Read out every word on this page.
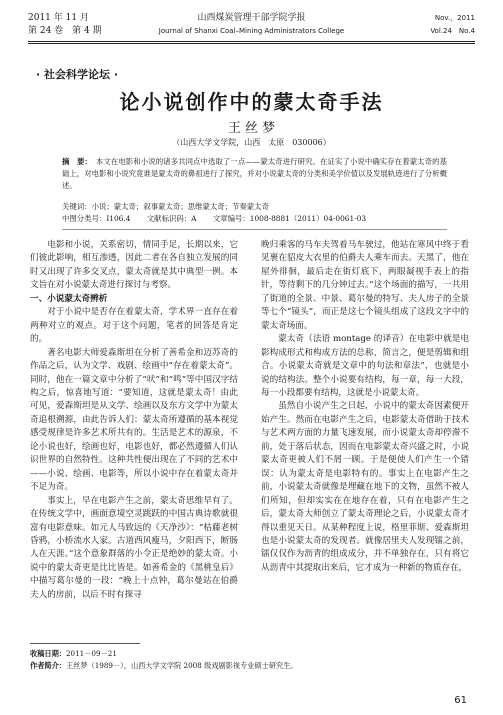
2011 年 11 月	山西煤炭管理干部学院学报	Nov.，2011
第 24 卷　第 4 期	Journal of Shanxi Coal–Mining Administrators College	Vol.24　No.4
· 社会科学论坛 ·
论小说创作中的蒙太奇手法
王 丝 梦
（山西大学文学院，山西　太原　030006）
摘　要： 本文在电影和小说的诸多共同点中选取了一点——蒙太奇进行研究。在证实了小说中确实存在着蒙太奇的基础上，对电影和小说究竟谁是蒙太奇的鼻祖进行了探究，并对小说蒙太奇的分类和美学价值以及发展轨迹进行了分析概述。
关键词：小说；蒙太奇；叙事蒙太奇；思维蒙太奇；节奏蒙太奇
中图分类号：I106.4 文献标识码：A 文章编号：1008-8881（2011）04-0061-03

电影和小说，关系密切，情同手足，长期以来，它们彼此影响，相互渗透，因此二者在各自独立发展的同时又出现了许多交叉点，蒙太奇就是其中典型一例。本文旨在对小说蒙太奇进行探讨与考察。

一、小说蒙太奇辨析

对于小说中是否存在着蒙太奇，学术界一直存在着两种对立的观点。对于这个问题，笔者的回答是肯定的。

著名电影大师爱森斯坦在分析了善希金和迈苏奇的作品之后，认为文学、戏剧、绘画中“存在着蒙太奇”。同时，他在一篇文章中分析了“吠”和“鸣”等中国汉字结构之后，惊喜地写道：“要知道，这就是蒙太奇！由此可见，爱森斯坦是从文学、绘画以及东方文学中为蒙太奇追根溯源，由此告诉人们：蒙太奇所遵循的基本视觉感受规律是许多艺术所共有的。生活是艺术的源泉，不论小说也好，绘画也好，电影也好，都必然遵循人们认识世界的自然特性。这种共性便出现在了不同的艺术中——小说、绘画、电影等，所以小说中存在着蒙太奇并不足为奇。

事实上，早在电影产生之前，蒙太奇思维早有了。在传统文学中，画面意境空灵跳跃的中国古典诗歌就很富有电影意味。如元人马致远的《天净沙》：“枯藤老树昏鸦，小桥流水人家。古道西风瘦马，夕阳西下，断肠人在天涯。”这个意象群落的小令正是绝妙的蒙太奇。小说中的蒙太奇更是比比皆是。如善希金的《黑桃皇后》中描写葛尔曼的一段：“晚上十点钟，葛尔曼站在伯爵夫人的房前，以后不时有探寻

晚归乘客的马车夫驾着马车驶过，他站在寒风中终于看见裹在貂皮大衣里的伯爵夫人乘车而去。天黑了，他在屋外徘徊，最后走在街灯底下，两眼凝视手表上的指针，等待剩下的几分钟过去。”这个场面的描写，一共用了街道的全景、中景、葛尔曼的特写、夫人房子的全景等七个“镜头”，而正是这七个镜头组成了这段文字中的蒙太奇场面。

蒙太奇（法语 montage 的译音）在电影中就是电影构成形式和构成方法的总称，简言之，便是剪辑和组合。小说蒙太奇就是文章中的句法和章法”，也就是小说的结构法。整个小说要有结构，每一章，每一大段，每一小段都要有结构，这就是小说蒙太奇。

虽然自小说产生之日起，小说中的蒙太奇因素便开始产生。然而在电影产生之后，电影蒙太奇借助于技术与艺术两方面的力量飞速发展，而小说蒙太奇却停滞不前，处于落后状态，因而在电影蒙太奇兴盛之时，小说蒙太奇更被人们不屑一顾。于是便使人们产生一个错误：认为蒙太奇是电影特有的。事实上在电影产生之前，小说蒙太奇就像是埋藏在地下的文物，虽然不被人们所知，但却实实在在地存在着，只有在电影产生之后，蒙太奇大师创立了蒙太奇理论之后，小说蒙太奇才得以重见天日。从某种程度上说，格里菲斯、爱森斯坦也是小说蒙太奇的发现者。就像居里夫人发现镭之前，镭仅仅作为沥青的组成成分，并不单独存在，只有将它从沥青中其提取出来后，它才成为一种新的物质存在，

收稿日期：2011－09－21
作者简介：王丝梦（1989－），山西大学文学院 2008 级戏剧影视专业硕士研究生。
61
